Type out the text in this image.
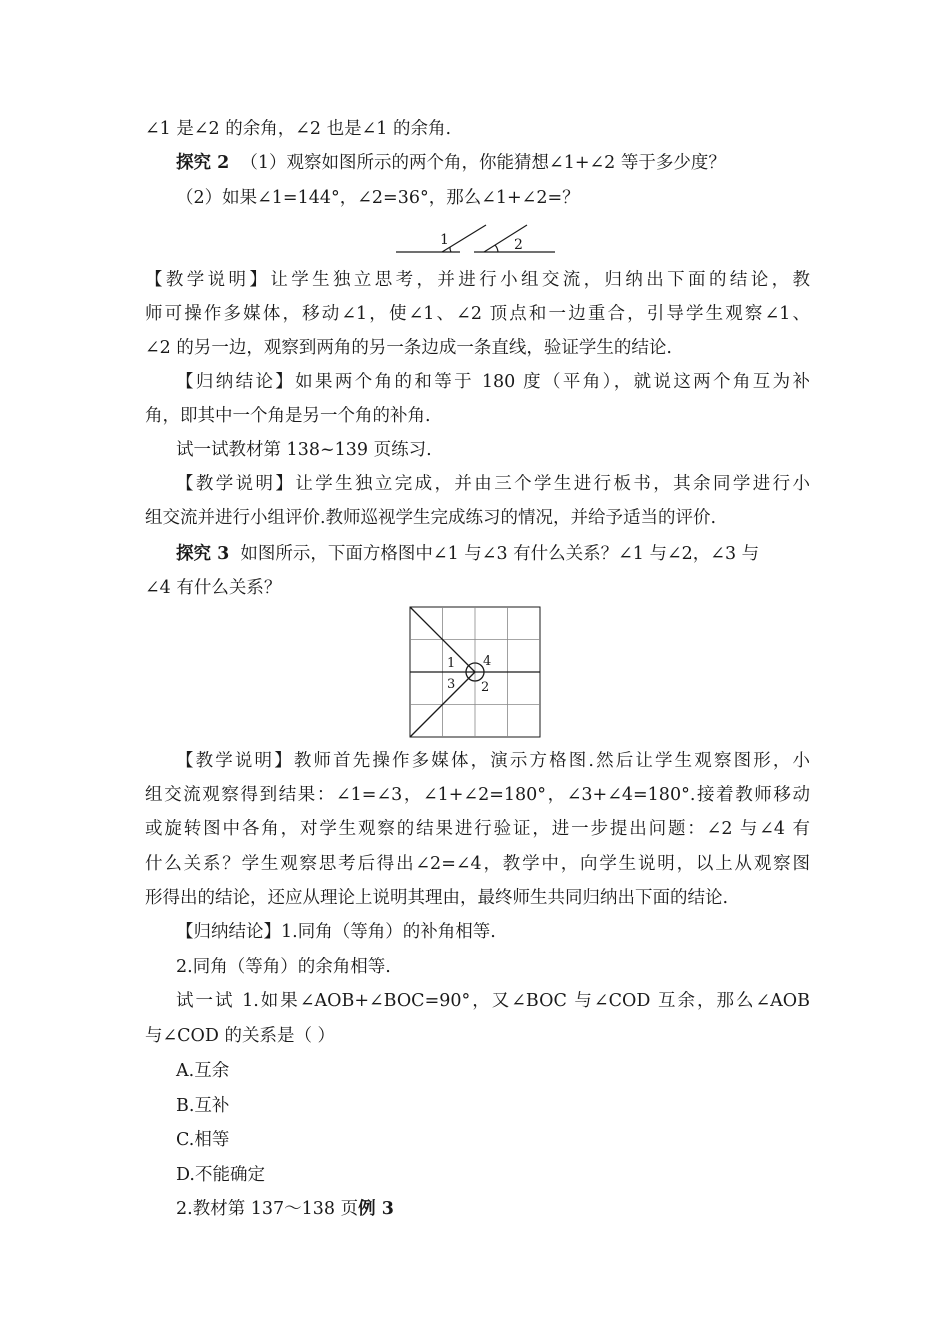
∠1 是∠2 的余角，∠2 也是∠1 的余角.
探究 2 （1）观察如图所示的两个角，你能猜想∠1+∠2 等于多少度？
（2）如果∠1=144°，∠2=36°，那么∠1+∠2=？
1	2
【教学说明】让学生独立思考，并进行小组交流，归纳出下面的结论，教
师可操作多媒体，移动∠1，使∠1、∠2 顶点和一边重合，引导学生观察∠1、
∠2 的另一边，观察到两角的另一条边成一条直线，验证学生的结论.
【归纳结论】如果两个角的和等于 180 度（平角），就说这两个角互为补
角，即其中一个角是另一个角的补角.
试一试教材第 138~139 页练习.
【教学说明】让学生独立完成，并由三个学生进行板书，其余同学进行小
组交流并进行小组评价.教师巡视学生完成练习的情况，并给予适当的评价.
探究 3 如图所示，下面方格图中∠1 与∠3 有什么关系？∠1 与∠2，∠3 与
∠4 有什么关系？
1 4
3 2
【教学说明】教师首先操作多媒体，演示方格图.然后让学生观察图形，小
组交流观察得到结果：∠1=∠3，∠1+∠2=180°，∠3+∠4=180°.接着教师移动
或旋转图中各角，对学生观察的结果进行验证，进一步提出问题：∠2 与∠4 有
什么关系？学生观察思考后得出∠2=∠4，教学中，向学生说明，以上从观察图
形得出的结论，还应从理论上说明其理由，最终师生共同归纳出下面的结论.
【归纳结论】1.同角（等角）的补角相等.
2.同角（等角）的余角相等.
试一试 1.如果∠AOB+∠BOC=90°，又∠BOC 与∠COD 互余，那么∠AOB
与∠COD 的关系是（ ）
A.互余
B.互补
C.相等
D.不能确定
2.教材第 137～138 页例 3
